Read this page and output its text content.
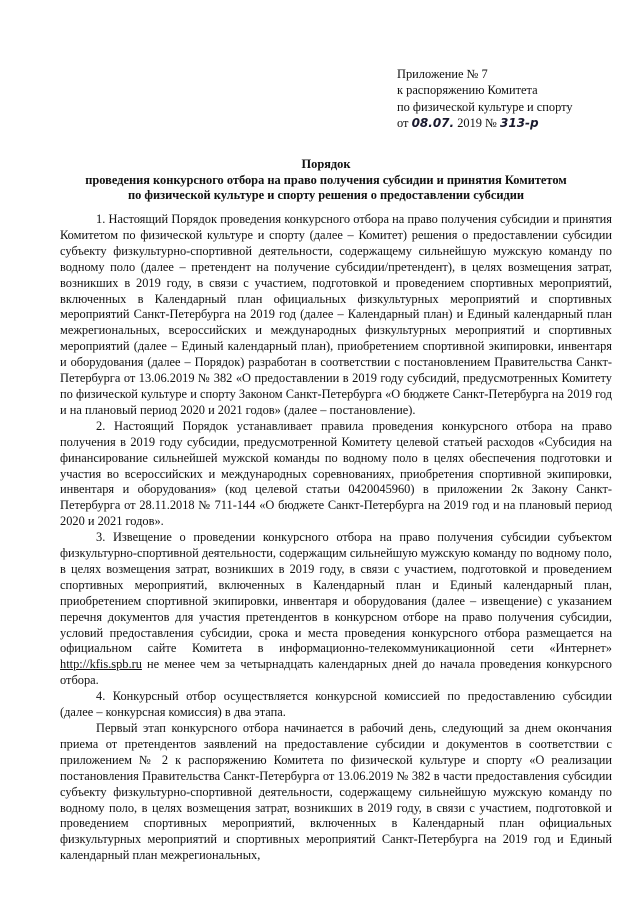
Приложение № 7
к распоряжению Комитета
по физической культуре и спорту
от 08.07. 2019 № 313-р
Порядок
проведения конкурсного отбора на право получения субсидии и принятия Комитетом
по физической культуре и спорту решения о предоставлении субсидии

1. Настоящий Порядок проведения конкурсного отбора на право получения субсидии и принятия Комитетом по физической культуре и спорту (далее – Комитет) решения о предоставлении субсидии субъекту физкультурно-спортивной деятельности, содержащему сильнейшую мужскую команду по водному поло (далее – претендент на получение субсидии/претендент), в целях возмещения затрат, возникших в 2019 году, в связи с участием, подготовкой и проведением спортивных мероприятий, включенных в Календарный план официальных физкультурных мероприятий и спортивных мероприятий Санкт-Петербурга на 2019 год (далее – Календарный план) и Единый календарный план межрегиональных, всероссийских и международных физкультурных мероприятий и спортивных мероприятий (далее – Единый календарный план), приобретением спортивной экипировки, инвентаря и оборудования (далее – Порядок) разработан в соответствии с постановлением Правительства Санкт-Петербурга от 13.06.2019 № 382 «О предоставлении в 2019 году субсидий, предусмотренных Комитету по физической культуре и спорту Законом Санкт-Петербурга «О бюджете Санкт-Петербурга на 2019 год и на плановый период 2020 и 2021 годов» (далее – постановление).

2. Настоящий Порядок устанавливает правила проведения конкурсного отбора на право получения в 2019 году субсидии, предусмотренной Комитету целевой статьей расходов «Субсидия на финансирование сильнейшей мужской команды по водному поло в целях обеспечения подготовки и участия во всероссийских и международных соревнованиях, приобретения спортивной экипировки, инвентаря и оборудования» (код целевой статьи 0420045960) в приложении 2к Закону Санкт-Петербурга от 28.11.2018 № 711-144 «О бюджете Санкт-Петербурга на 2019 год и на плановый период 2020 и 2021 годов».

3. Извещение о проведении конкурсного отбора на право получения субсидии субъектом физкультурно-спортивной деятельности, содержащим сильнейшую мужскую команду по водному поло, в целях возмещения затрат, возникших в 2019 году, в связи с участием, подготовкой и проведением спортивных мероприятий, включенных в Календарный план и Единый календарный план, приобретением спортивной экипировки, инвентаря и оборудования (далее – извещение) с указанием перечня документов для участия претендентов в конкурсном отборе на право получения субсидии, условий предоставления субсидии, срока и места проведения конкурсного отбора размещается на официальном сайте Комитета в информационно-телекоммуникационной сети «Интернет» http://kfis.spb.ru не менее чем за четырнадцать календарных дней до начала проведения конкурсного отбора.

4. Конкурсный отбор осуществляется конкурсной комиссией по предоставлению субсидии (далее – конкурсная комиссия) в два этапа.

Первый этап конкурсного отбора начинается в рабочий день, следующий за днем окончания приема от претендентов заявлений на предоставление субсидии и документов в соответствии с приложением № 2 к распоряжению Комитета по физической культуре и спорту «О реализации постановления Правительства Санкт-Петербурга от 13.06.2019 № 382 в части предоставления субсидии субъекту физкультурно-спортивной деятельности, содержащему сильнейшую мужскую команду по водному поло, в целях возмещения затрат, возникших в 2019 году, в связи с участием, подготовкой и проведением спортивных мероприятий, включенных в Календарный план официальных физкультурных мероприятий и спортивных мероприятий Санкт-Петербурга на 2019 год и Единый календарный план межрегиональных,
